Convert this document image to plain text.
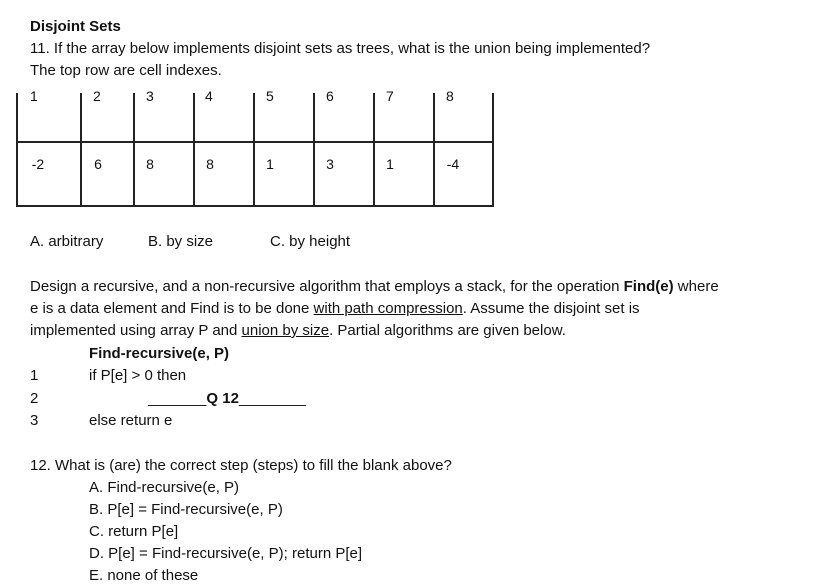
Disjoint Sets
11. If the array below implements disjoint sets as trees, what is the union being implemented?
The top row are cell indexes.
1	2	3	4	5	6	7	8
-2	6	8	8	1	3	1	-4
A. arbitrary	B. by size	C. by height
Design a recursive, and a non-recursive algorithm that employs a stack, for the operation Find(e) where
e is a data element and Find is to be done with path compression. Assume the disjoint set is
implemented using array P and union by size. Partial algorithms are given below.
Find-recursive(e, P)
1	if P[e] > 0 then
2	_______Q 12________
3	else return e
12. What is (are) the correct step (steps) to fill the blank above?
A. Find-recursive(e, P)
B. P[e] = Find-recursive(e, P)
C. return P[e]
D. P[e] = Find-recursive(e, P); return P[e]
E. none of these
